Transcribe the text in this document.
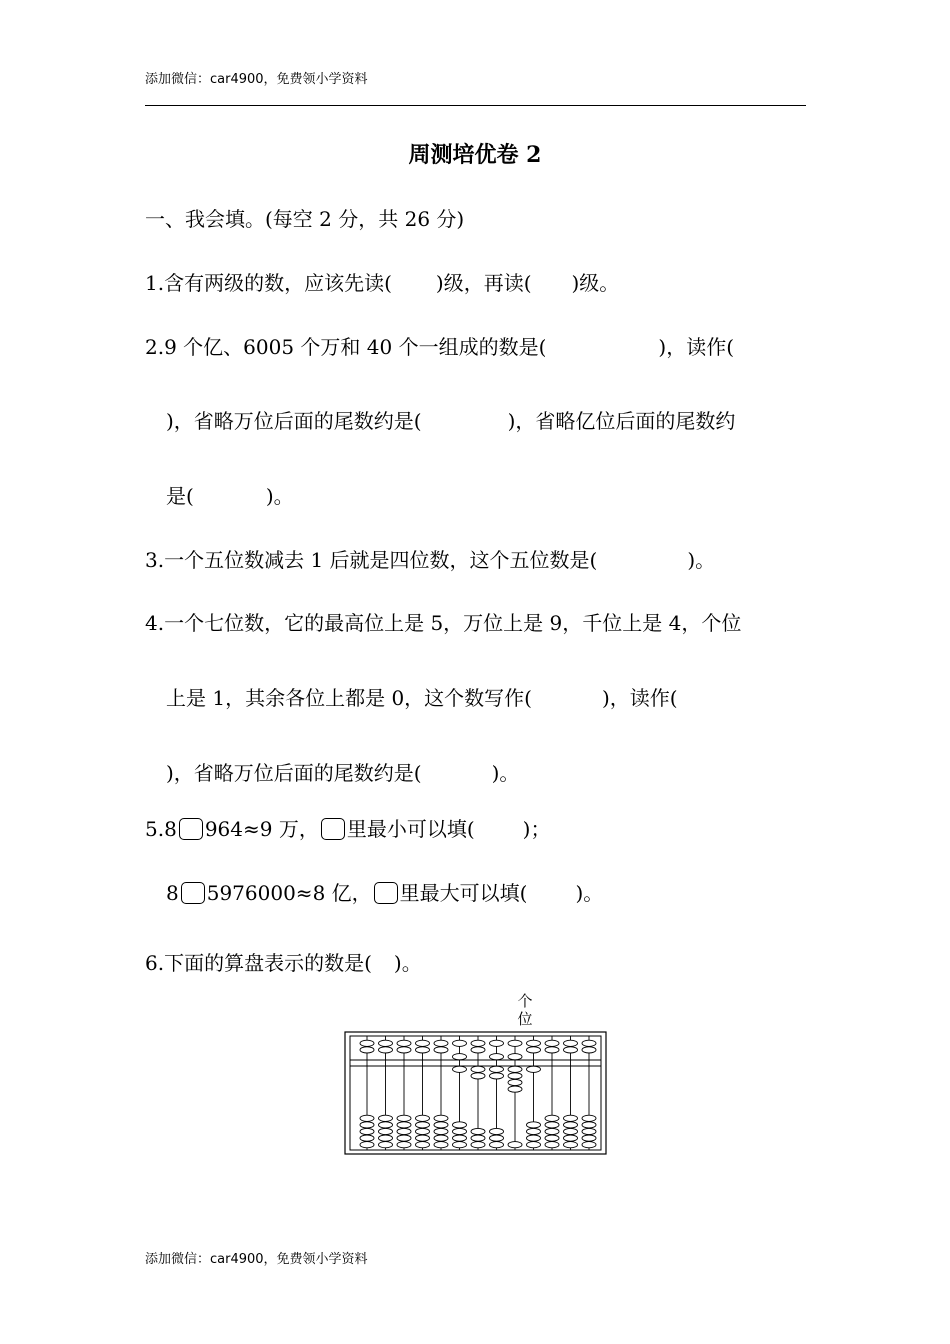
添加微信：car4900，免费领小学资料
周测培优卷 2
一、我会填。(每空 2 分，共 26 分)
1.含有两级的数，应该先读( )级，再读( )级。
2.9 个亿、6005 个万和 40 个一组成的数是(	)，读作(
)，省略万位后面的尾数约是(	)，省略亿位后面的尾数约
是(	)。
3.一个五位数减去 1 后就是四位数，这个五位数是(	)。
4.一个七位数，它的最高位上是 5，万位上是 9，千位上是 4，个位
上是 1，其余各位上都是 0，这个数写作(	)，读作(
)，省略万位后面的尾数约是(	)。
5.8 964≈9 万， 里最小可以填( )；
8 5976000≈8 亿， 里最大可以填( )。
6.下面的算盘表示的数是( )。
个
位
添加微信：car4900，免费领小学资料
